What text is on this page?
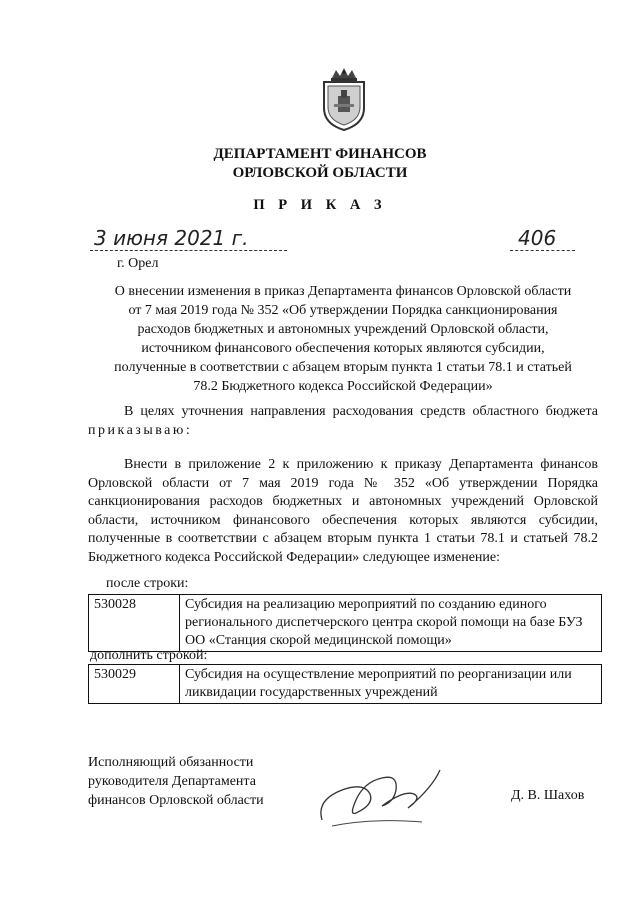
ДЕПАРТАМЕНТ ФИНАНСОВ
ОРЛОВСКОЙ ОБЛАСТИ
П Р И К А З
3 июня 2021 г.	406
г. Орел
О внесении изменения в приказ Департамента финансов Орловской области
от 7 мая 2019 года № 352 «Об утверждении Порядка санкционирования
расходов бюджетных и автономных учреждений Орловской области,
источником финансового обеспечения которых являются субсидии,
полученные в соответствии с абзацем вторым пункта 1 статьи 78.1 и статьей
78.2 Бюджетного кодекса Российской Федерации»
В целях уточнения направления расходования средств областного бюджета приказываю:
Внести в приложение 2 к приложению к приказу Департамента финансов Орловской области от 7 мая 2019 года № 352 «Об утверждении Порядка санкционирования расходов бюджетных и автономных учреждений Орловской области, источником финансового обеспечения которых являются субсидии, полученные в соответствии с абзацем вторым пункта 1 статьи 78.1 и статьей 78.2 Бюджетного кодекса Российской Федерации» следующее изменение:
после строки:
530028	Субсидия на реализацию мероприятий по созданию единого регионального диспетчерского центра скорой помощи на базе БУЗ ОО «Станция скорой медицинской помощи»
дополнить строкой:
530029	Субсидия на осуществление мероприятий по реорганизации или ликвидации государственных учреждений
Исполняющий обязанности
руководителя Департамента
финансов Орловской области	Д. В. Шахов
